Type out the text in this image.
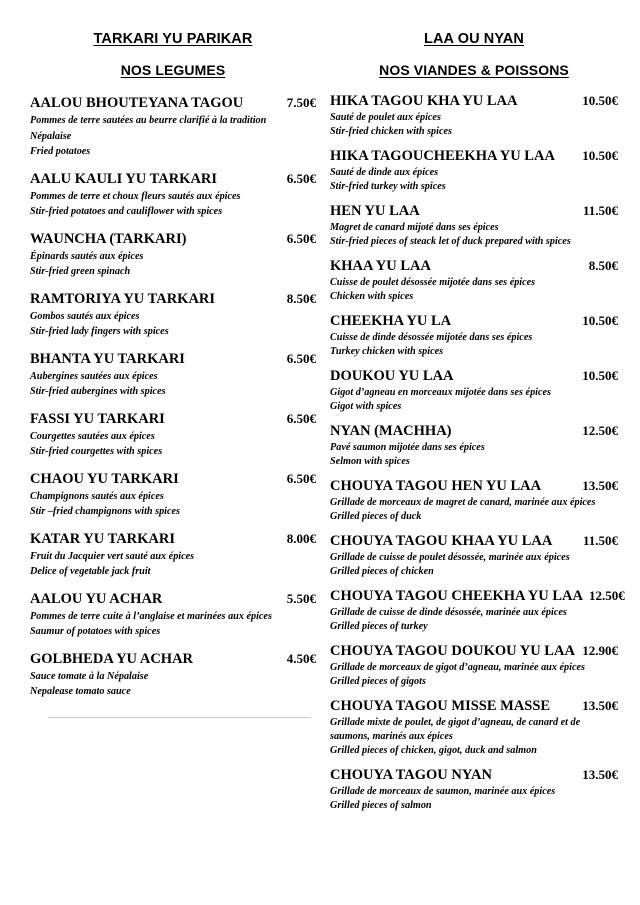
TARKARI YU PARIKAR
NOS LEGUMES
AALOU BHOUTEYANA TAGOU	7.50€
Pommes de terre sautées au beurre clarifié à la tradition
Népalaise
Fried potatoes
AALU KAULI YU TARKARI	6.50€
Pommes de terre et choux fleurs sautés aux épices
Stir-fried potatoes and cauliflower with spices
WAUNCHA (TARKARI)	6.50€
Épinards sautés aux épices
Stir-fried green spinach
RAMTORIYA YU TARKARI	8.50€
Gombos sautés aux épices
Stir-fried lady fingers with spices
BHANTA YU TARKARI	6.50€
Aubergines sautées aux épices
Stir-fried aubergines with spices
FASSI YU TARKARI	6.50€
Courgettes sautées aux épices
Stir-fried courgettes with spices
CHAOU YU TARKARI	6.50€
Champignons sautés aux épices
Stir –fried champignons with spices
KATAR YU TARKARI	8.00€
Fruit du Jacquier vert sauté aux épices
Delice of vegetable jack fruit
AALOU YU ACHAR	5.50€
Pommes de terre cuite à l’anglaise et marinées aux épices
Saumur of potatoes with spices
GOLBHEDA YU ACHAR	4.50€
Sauce tomate à la Népalaise
Nepalease tomato sauce
LAA OU NYAN
NOS VIANDES & POISSONS
HIKA TAGOU KHA YU LAA	10.50€
Sauté de poulet aux épices
Stir-fried chicken with spices
HIKA TAGOUCHEEKHA YU LAA 10.50€
Sauté de dinde aux épices
Stir-fried turkey with spices
HEN YU LAA	11.50€
Magret de canard mijoté dans ses épices
Stir-fried pieces of steack let of duck prepared with spices
KHAA YU LAA	8.50€
Cuisse de poulet désossée mijotée dans ses épices
Chicken with spices
CHEEKHA YU LA	10.50€
Cuisse de dinde désossée mijotée dans ses épices
Turkey chicken with spices
DOUKOU YU LAA	10.50€
Gigot d’agneau en morceaux mijotée dans ses épices
Gigot with spices
NYAN (MACHHA)	12.50€
Pavé saumon mijotée dans ses épices
Selmon with spices
CHOUYA TAGOU HEN YU LAA	13.50€
Grillade de morceaux de magret de canard, marinée aux épices
Grilled pieces of duck
CHOUYA TAGOU KHAA YU LAA 11.50€
Grillade de cuisse de poulet désossée, marinée aux épices
Grilled pieces of chicken
CHOUYA TAGOU CHEEKHA YU LAA 12.50€
Grillade de cuisse de dinde désossée, marinée aux épices
Grilled pieces of turkey
CHOUYA TAGOU DOUKOU YU LAA 12.90€
Grillade de morceaux de gigot d’agneau, marinée aux épices
Grilled pieces of gigots
CHOUYA TAGOU MISSE MASSE 13.50€
Grillade mixte de poulet, de gigot d’agneau, de canard et de
saumons, marinés aux épices
Grilled pieces of chicken, gigot, duck and salmon
CHOUYA TAGOU NYAN	13.50€
Grillade de morceaux de saumon, marinée aux épices
Grilled pieces of salmon
